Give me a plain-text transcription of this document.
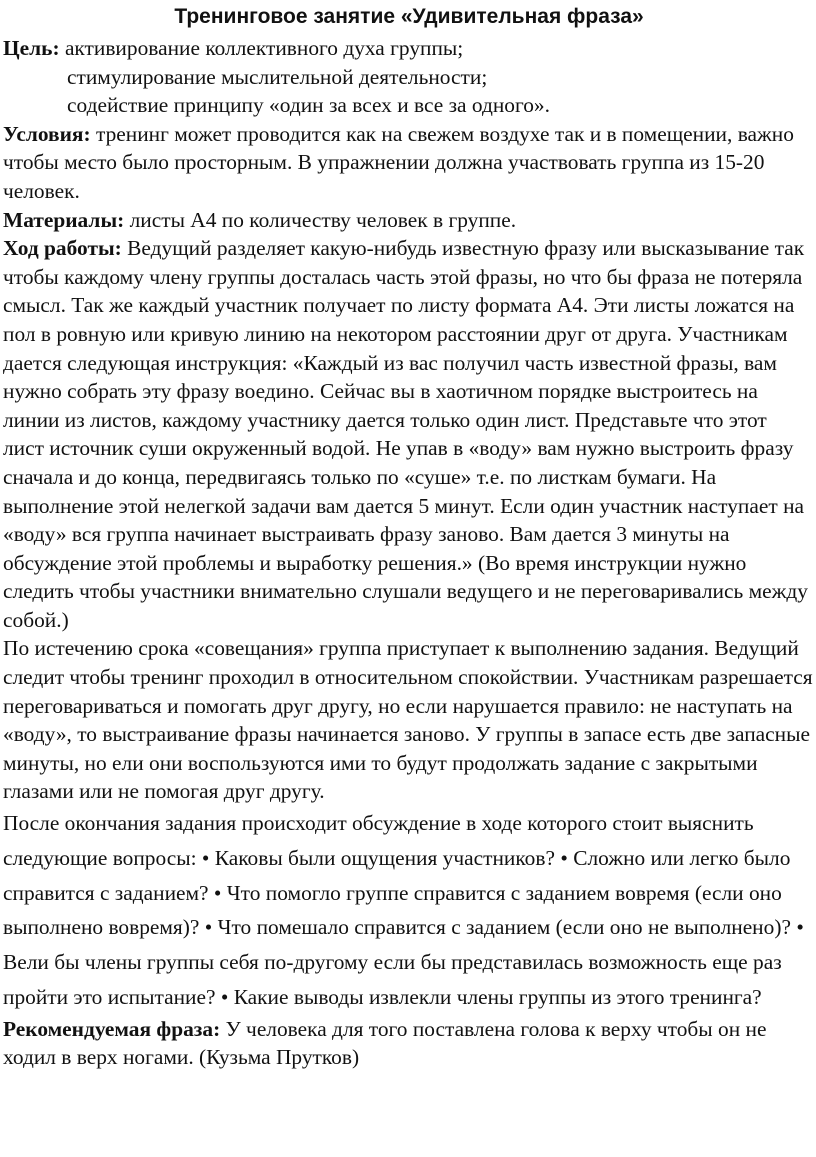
Тренинговое занятие «Удивительная фраза»

Цель: активирование коллективного духа группы;

стимулирование мыслительной деятельности;

содействие принципу «один за всех и все за одного».

Условия: тренинг может проводится как на свежем воздухе так и в помещении, важно чтобы место было просторным. В упражнении должна участвовать группа из 15-20 человек.

Материалы: листы А4 по количеству человек в группе.

Ход работы: Ведущий разделяет какую-нибудь известную фразу или высказывание так чтобы каждому члену группы досталась часть этой фразы, но что бы фраза не потеряла смысл. Так же каждый участник получает по листу формата А4. Эти листы ложатся на пол в ровную или кривую линию на некотором расстоянии друг от друга. Участникам дается следующая инструкция: «Каждый из вас получил часть известной фразы, вам нужно собрать эту фразу воедино. Сейчас вы в хаотичном порядке выстроитесь на линии из листов, каждому участнику дается только один лист. Представьте что этот лист источник суши окруженный водой. Не упав в «воду» вам нужно выстроить фразу сначала и до конца, передвигаясь только по «суше» т.е. по листкам бумаги. На выполнение этой нелегкой задачи вам дается 5 минут. Если один участник наступает на «воду» вся группа начинает выстраивать фразу заново. Вам дается 3 минуты на обсуждение этой проблемы и выработку решения.» (Во время инструкции нужно следить чтобы участники внимательно слушали ведущего и не переговаривались между собой.)

По истечению срока «совещания» группа приступает к выполнению задания. Ведущий следит чтобы тренинг проходил в относительном спокойствии. Участникам разрешается переговариваться и помогать друг другу, но если нарушается правило: не наступать на «воду», то выстраивание фразы начинается заново. У группы в запасе есть две запасные минуты, но ели они воспользуются ими то будут продолжать задание с закрытыми глазами или не помогая друг другу.

После окончания задания происходит обсуждение в ходе которого стоит выяснить следующие вопросы: • Каковы были ощущения участников? • Сложно или легко было справится с заданием? • Что помогло группе справится с заданием вовремя (если оно выполнено вовремя)? • Что помешало справится с заданием (если оно не выполнено)? • Вели бы члены группы себя по-другому если бы представилась возможность еще раз пройти это испытание? • Какие выводы извлекли члены группы из этого тренинга?

Рекомендуемая фраза: У человека для того поставлена голова к верху чтобы он не ходил в верх ногами. (Кузьма Прутков)
